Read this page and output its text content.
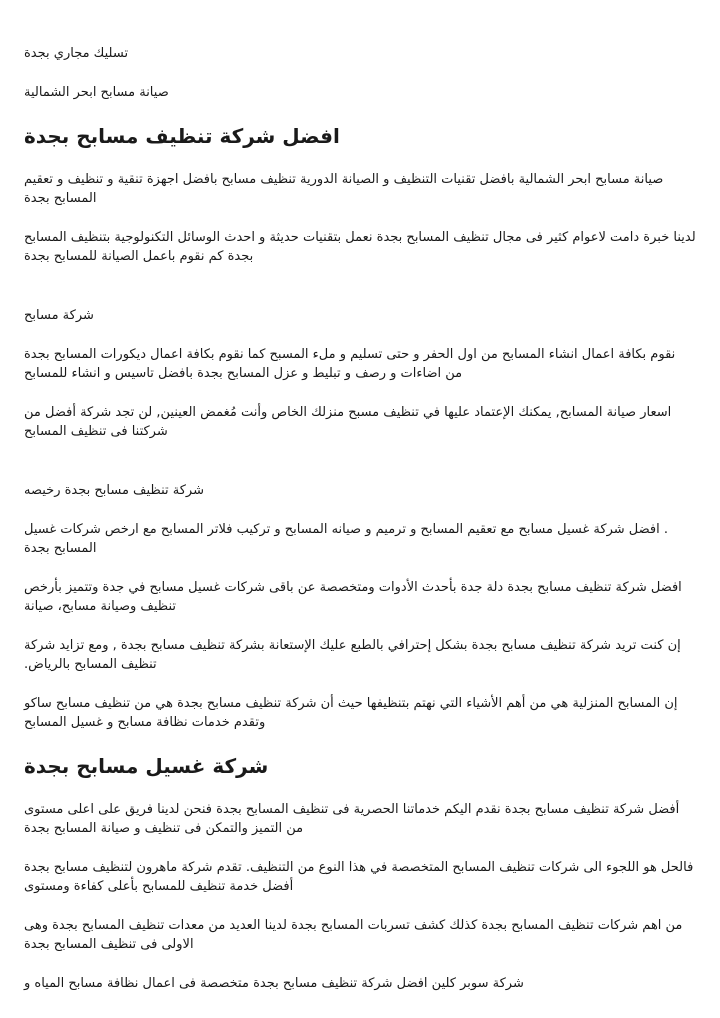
تسليك مجاري بجدة

صيانة مسابح ابحر الشمالية

افضل شركة تنظيف مسابح بجدة

صيانة مسابح ابحر الشمالية بافضل تقنيات التنظيف و الصيانة الدورية تنظيف مسابح بافضل اجهزة تنقية و تنظيف و تعقيم المسابح بجدة

لدينا خبرة دامت لاعوام كثير فى مجال تنظيف المسابح بجدة نعمل بتقنيات حديثة و احدث الوسائل التكنولوجية بتنظيف المسابح بجدة كم نقوم باعمل الصيانة للمسابح بجدة

شركة مسابح

نقوم بكافة اعمال انشاء المسابح من اول الحفر و حتى تسليم و ملء المسبح كما نقوم بكافة اعمال ديكورات المسابح بجدة من اضاءات و رصف و تبليط و عزل المسابح بجدة بافضل تاسيس و انشاء للمسابح

اسعار صيانة المسابح, يمكنك الإعتماد عليها في تنظيف مسبح منزلك الخاص وأنت مُغمض العينين, لن تجد شركة أفضل من شركتنا فى تنظيف المسابح

شركة تنظيف مسابح بجدة رخيصه

. افضل شركة غسيل مسابح مع تعقيم المسابح و ترميم و صيانه المسابح و تركيب فلاتر المسابح مع ارخص شركات غسيل المسابح بجدة

افضل شركة تنظيف مسابح بجدة دلة جدة بأحدث الأدوات ومتخصصة عن باقى شركات غسيل مسابح في جدة وتتميز بأرخص تنظيف وصيانة مسابح، صيانة

إن كنت تريد شركة تنظيف مسابح بجدة بشكل إحترافي بالطبع عليك الإستعانة بشركة تنظيف مسابح بجدة , ومع تزايد شركة تنظيف المسابح بالرياض.

إن المسابح المنزلية هي من أهم الأشياء التي نهتم بتنظيفها حيث أن شركة تنظيف مسابح بجدة هي من تنظيف مسابح ساكو وتقدم خدمات نظافة مسابح و غسيل المسابح

شركة غسيل مسابح بجدة

أفضل شركة تنظيف مسابح بجدة نقدم اليكم خدماتنا الحصرية فى تنظيف المسابح بجدة فنحن لدينا فريق على اعلى مستوى من التميز والتمكن فى تنظيف و صيانة المسابح بجدة

فالحل هو اللجوء الى شركات تنظيف المسابح المتخصصة في هذا النوع من التنظيف. تقدم شركة ماهرون لتنظيف مسابح بجدة أفضل خدمة تنظيف للمسابح بأعلى كفاءة ومستوى

من اهم شركات تنظيف المسابح بجدة كذلك كشف تسربات المسابح بجدة لدينا العديد من معدات تنظيف المسابح بجدة وهى الاولى فى تنظيف المسابح بجدة

شركة سوبر كلين افضل شركة تنظيف مسابح بجدة متخصصة فى اعمال نظافة مسابح المياه و
